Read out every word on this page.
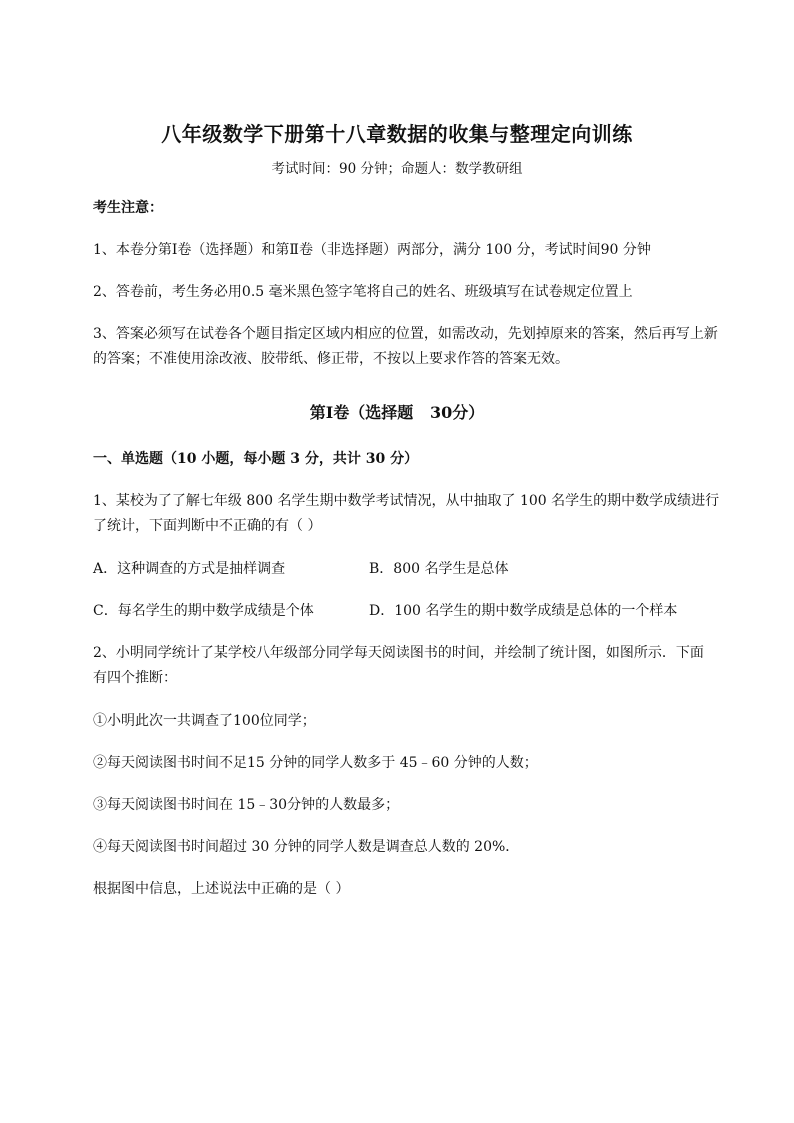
八年级数学下册第十八章数据的收集与整理定向训练
考试时间：90 分钟；命题人：数学教研组
考生注意：
1、本卷分第Ⅰ卷（选择题）和第Ⅱ卷（非选择题）两部分，满分 100 分，考试时间90 分钟
2、答卷前，考生务必用0.5 毫米黑色签字笔将自己的姓名、班级填写在试卷规定位置上
3、答案必须写在试卷各个题目指定区域内相应的位置，如需改动，先划掉原来的答案，然后再写上新
的答案；不准使用涂改液、胶带纸、修正带，不按以上要求作答的答案无效。
第Ⅰ卷（选择题   30分）
一、单选题（10 小题，每小题 3 分，共计 30 分）
1、某校为了了解七年级 800 名学生期中数学考试情况，从中抽取了 100 名学生的期中数学成绩进行
了统计，下面判断中不正确的有（ ）
A．这种调查的方式是抽样调查	B．800 名学生是总体
C．每名学生的期中数学成绩是个体	D．100 名学生的期中数学成绩是总体的一个样本
2、小明同学统计了某学校八年级部分同学每天阅读图书的时间，并绘制了统计图，如图所示．下面
有四个推断：
①小明此次一共调查了100位同学；
②每天阅读图书时间不足15 分钟的同学人数多于 45﹣60 分钟的人数；
③每天阅读图书时间在 15﹣30分钟的人数最多；
④每天阅读图书时间超过 30 分钟的同学人数是调查总人数的 20%．
根据图中信息，上述说法中正确的是（ ）
